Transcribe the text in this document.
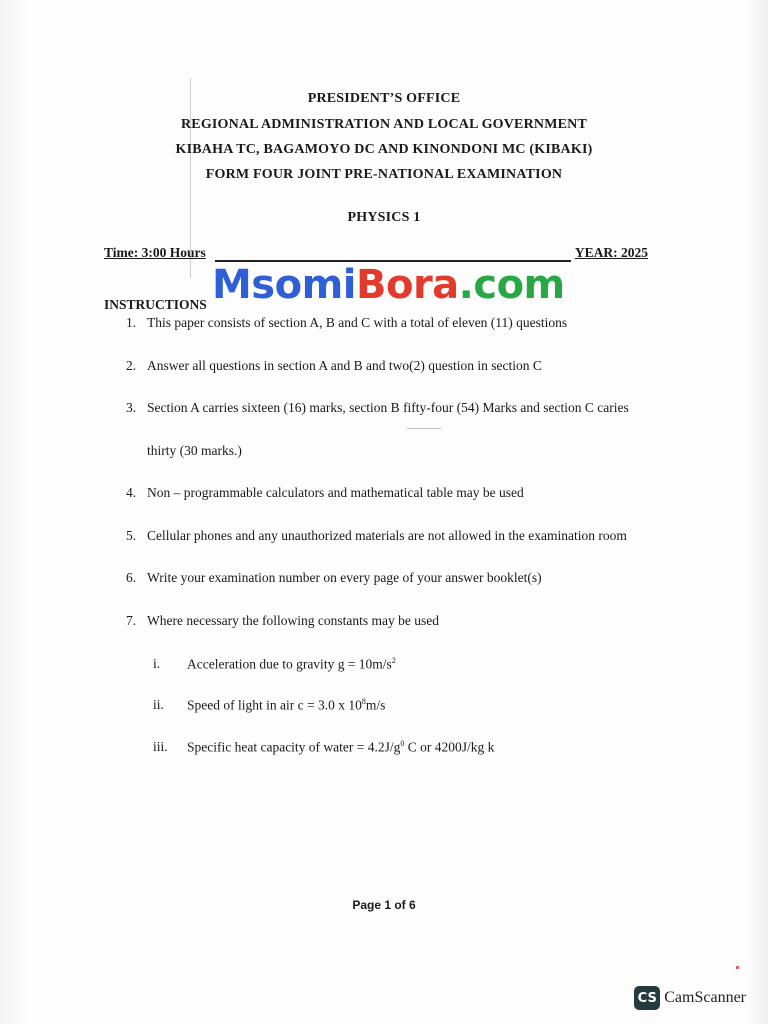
PRESIDENT’S OFFICE
REGIONAL ADMINISTRATION AND LOCAL GOVERNMENT
KIBAHA TC, BAGAMOYO DC AND KINONDONI MC (KIBAKI)
FORM FOUR JOINT PRE-NATIONAL EXAMINATION
PHYSICS 1
Time: 3:00 Hours	YEAR: 2025
MsomiBora.com
INSTRUCTIONS
1. This paper consists of section A, B and C with a total of eleven (11) questions
2. Answer all questions in section A and B and two(2) question in section C
3. Section A carries sixteen (16) marks, section B fifty-four (54) Marks and section C caries
thirty (30 marks.)
4. Non – programmable calculators and mathematical table may be used
5. Cellular phones and any unauthorized materials are not allowed in the examination room
6. Write your examination number on every page of your answer booklet(s)
7. Where necessary the following constants may be used
i.	Acceleration due to gravity $g = 10m/s^2$
ii.	Speed of light in air c = 3.0 x $10^8m/s$
iii.	Specific heat capacity of water = $4.2J/g^0$ C or 4200J/kg k
Page 1 of 6
CS CamScanner
